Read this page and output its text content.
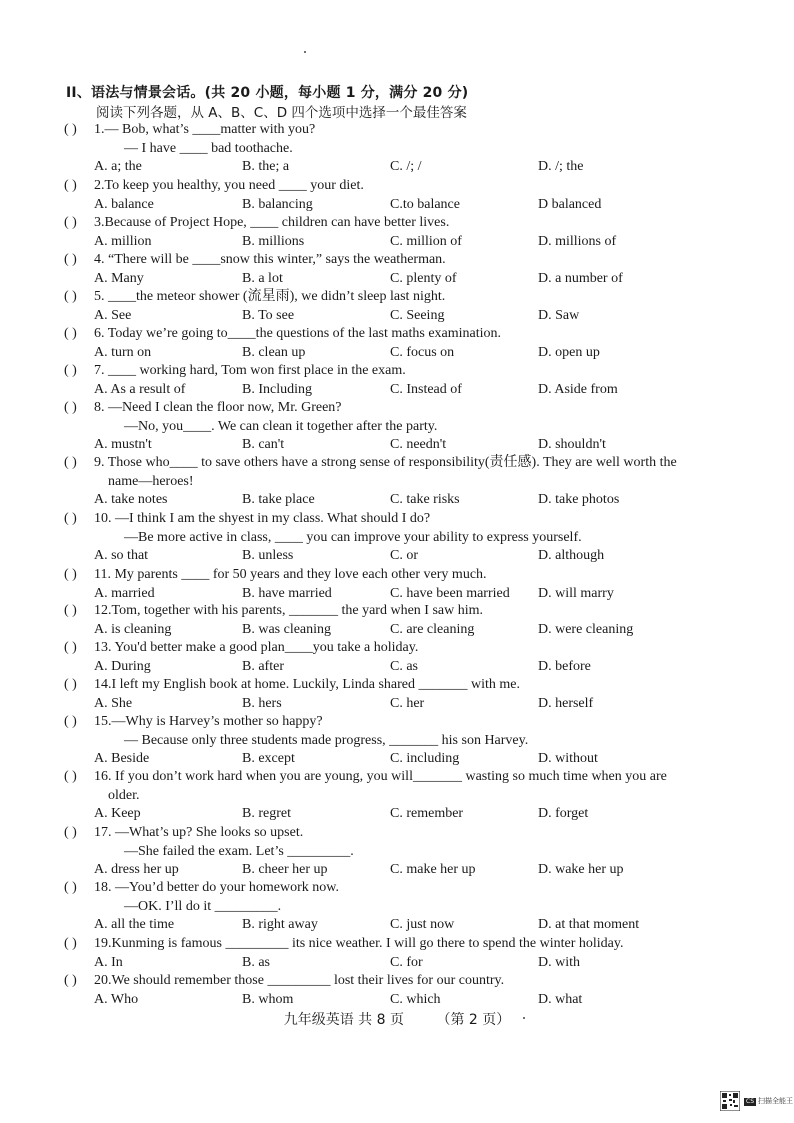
II、语法与情景会话。(共 20 小题，每小题 1 分，满分 20 分)
阅读下列各题，从 A、B、C、D 四个选项中选择一个最佳答案
( )	1.— Bob, what’s ____matter with you?
— I have ____ bad toothache.
A. a; the	B. the; a	C. /; /	D. /; the
( )	2.To keep you healthy, you need ____ your diet.
A. balance	B. balancing	C.to balance	D balanced
( )	3.Because of Project Hope, ____ children can have better lives.
A. million	B. millions	C. million of	D. millions of
( )	4. “There will be ____snow this winter,” says the weatherman.
A. Many	B. a lot	C. plenty of	D. a number of
( )	5. ____the meteor shower (流星雨), we didn’t sleep last night.
A. See	B. To see	C. Seeing	D. Saw
( )	6. Today we’re going to____the questions of the last maths examination.
A. turn on	B. clean up	C. focus on	D. open up
( )	7. ____ working hard, Tom won first place in the exam.
A. As a result of	B. Including	C. Instead of	D. Aside from
( )	8. —Need I clean the floor now, Mr. Green?
—No, you____. We can clean it together after the party.
A. mustn't	B. can't	C. needn't	D. shouldn't
( )	9. Those who____ to save others have a strong sense of responsibility(责任感). They are well worth the
name—heroes!
A. take notes	B. take place	C. take risks	D. take photos
( )	10. —I think I am the shyest in my class. What should I do?
—Be more active in class, ____ you can improve your ability to express yourself.
A. so that	B. unless	C. or	D. although
( )	11. My parents ____ for 50 years and they love each other very much.
A. married	B. have married	C. have been married	D. will marry
( )	12.Tom, together with his parents, _______ the yard when I saw him.
A. is cleaning	B. was cleaning	C. are cleaning	D. were cleaning
( )	13. You'd better make a good plan____you take a holiday.
A. During	B. after	C. as	D. before
( )	14.I left my English book at home. Luckily, Linda shared _______ with me.
A. She	B. hers	C. her	D. herself
( )	15.—Why is Harvey’s mother so happy?
— Because only three students made progress, _______ his son Harvey.
A. Beside	B. except	C. including	D. without
( )	16. If you don’t work hard when you are young, you will_______ wasting so much time when you are
older.
A. Keep	B. regret	C. remember	D. forget
( )	17. —What’s up? She looks so upset.
—She failed the exam. Let’s _________.
A. dress her up	B. cheer her up	C. make her up	D. wake her up
( )	18. —You’d better do your homework now.
—OK. I’ll do it _________.
A. all the time	B. right away	C. just now	D. at that moment
( )	19.Kunming is famous _________ its nice weather. I will go there to spend the winter holiday.
A. In	B. as	C. for	D. with
( )	20.We should remember those _________ lost their lives for our country.
A. Who	B. whom	C. which	D. what
九年级英语 共 8 页 （第 2 页）
CS 扫描全能王
